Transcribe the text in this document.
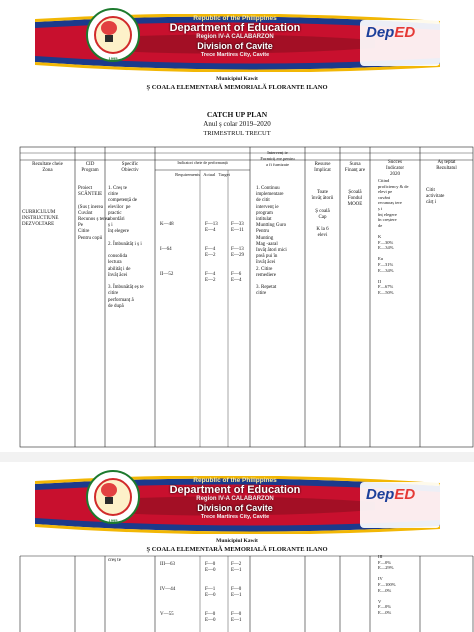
1995
Republic of the Philippines
Department of Education
Region IV-A CALABARZON
Division of Cavite
Trece Martires City, Cavite
DepED
Municipiul Kawit
Ș COALA ELEMENTARĂ MEMORIALĂ FLORANTE ILANO
CATCH UP PLAN
Anul ș colar 2019–2020
TRIMESTRUL TRECUT
Rezultate cheie
Zona
CID
Program
Specific
Obiectiv
Indicatori cheie de performanță
Requirements   Actual   Target
Intervenț ie
Formiriț ere pentru
a fi furnizate	Resurse
Implicat
Sursa
Finanț are
Succes
Indicator
2020
Aș teptat
Rezultatul
CURRICULUM
INSTRUCTIUNE
DEZVOLTARE
Proiect
SCÂNTEIE

(Sus ț inerea
Cuvânt
Recunos ș terea
Pe
Citire
Pentru copii
1. Creș te
citire
competență de
elevilor  pe
practic
abordări
ș i
înț elegere

2. Îmbunătăț i ș i

consolida
lectura
abilităț i de
învăț ăcei

3. Îmbunătăț eș te
citire
performanț ă
de după
K—48

I—64

II—52
F—13
E—4

F—4
E—2

F—4
E—2
F—33
E—11

F—13
E—29

F—6
E—4
1. Continuu
implementare
de citit
intervenț ie
program
intitulat
Muntting Guro
Pentru
Munting
Mag -aaral
Invăț ători mici
preă pui în
învăț ăcei
2. Citire
remediere

3. Repetat
citire
Toate
învăț ătorii

Ș coală
Cap

K la 6
elevi
Școală
Fondul
MOOE
Citind
proficiency & de
elevi pe
cuvânt
recunoaș tere
ș i
înț elegere
în creștere
de

K
F—30%
E—34%

Eu
F—31%
E—34%

II
F—67%
E—50%
Citit
activitate
cărț i
1995
Republic of the Philippines
Department of Education
Region IV-A CALABARZON
Division of Cavite
Trece Martires City, Cavite
DepED
Municipiul Kawit
Ș COALA ELEMENTARĂ MEMORIALĂ FLORANTE ILANO
creș te
III—63

IV—44

V—55
F—0
E—0

F—1
E—0

F—0
E—0
F—2
E—1

F—0
E—1

F—0
E—1
III
F—0%
E—29%

IV
F—100%
E—0%

V
F—0%
E—0%
